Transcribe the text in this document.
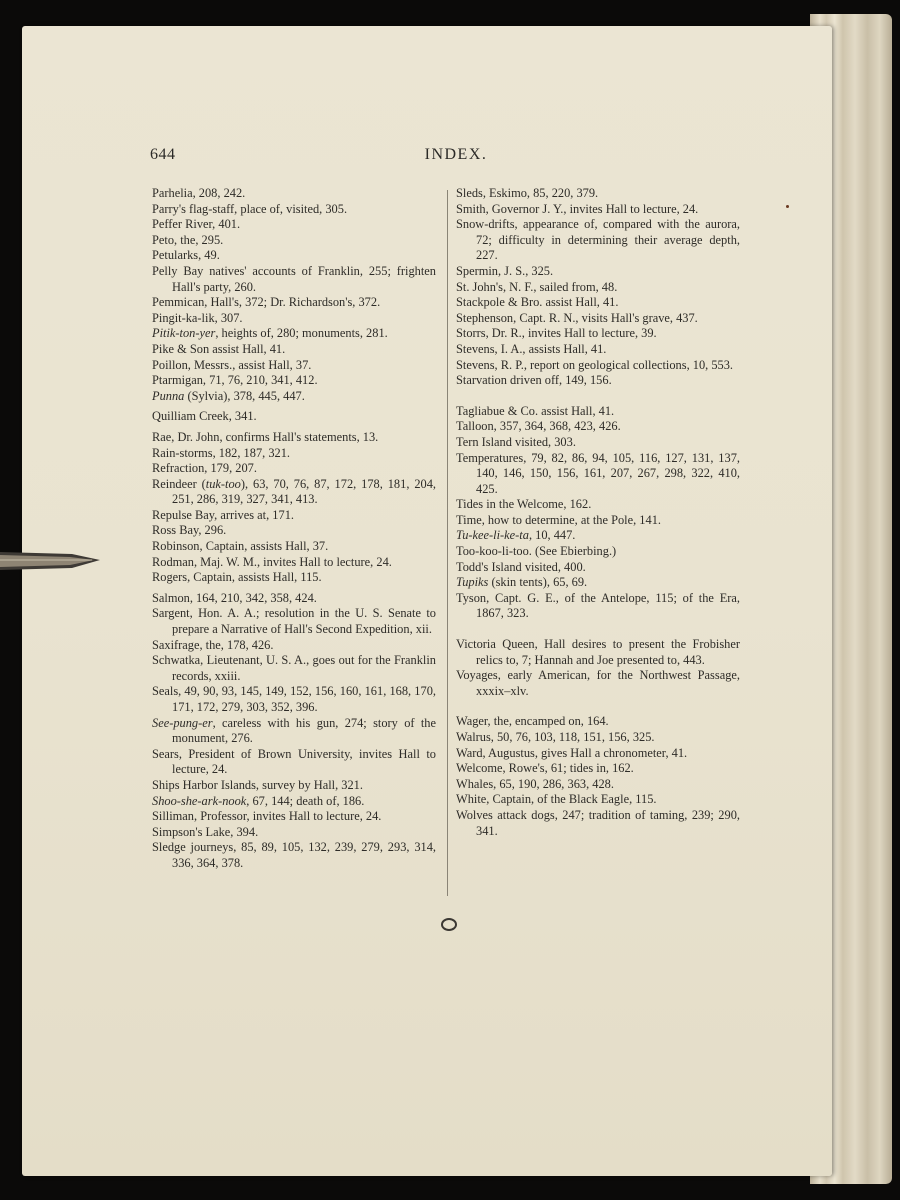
644	INDEX.

Parhelia, 208, 242.

Parry's flag-staff, place of, visited, 305.

Peffer River, 401.

Peto, the, 295.

Petularks, 49.

Pelly Bay natives' accounts of Franklin, 255; frighten Hall's party, 260.

Pemmican, Hall's, 372; Dr. Richardson's, 372.

Pingit-ka-lik, 307.

Pitik-ton-yer, heights of, 280; monuments, 281.

Pike & Son assist Hall, 41.

Poillon, Messrs., assist Hall, 37.

Ptarmigan, 71, 76, 210, 341, 412.

Punna (Sylvia), 378, 445, 447.

Quilliam Creek, 341.

Rae, Dr. John, confirms Hall's statements, 13.

Rain-storms, 182, 187, 321.

Refraction, 179, 207.

Reindeer (tuk-too), 63, 70, 76, 87, 172, 178, 181, 204, 251, 286, 319, 327, 341, 413.

Repulse Bay, arrives at, 171.

Ross Bay, 296.

Robinson, Captain, assists Hall, 37.

Rodman, Maj. W. M., invites Hall to lecture, 24.

Rogers, Captain, assists Hall, 115.

Salmon, 164, 210, 342, 358, 424.

Sargent, Hon. A. A.; resolution in the U. S. Senate to prepare a Narrative of Hall's Second Expedition, xii.

Saxifrage, the, 178, 426.

Schwatka, Lieutenant, U. S. A., goes out for the Franklin records, xxiii.

Seals, 49, 90, 93, 145, 149, 152, 156, 160, 161, 168, 170, 171, 172, 279, 303, 352, 396.

See-pung-er, careless with his gun, 274; story of the monument, 276.

Sears, President of Brown University, invites Hall to lecture, 24.

Ships Harbor Islands, survey by Hall, 321.

Shoo-she-ark-nook, 67, 144; death of, 186.

Silliman, Professor, invites Hall to lecture, 24.

Simpson's Lake, 394.

Sledge journeys, 85, 89, 105, 132, 239, 279, 293, 314, 336, 364, 378.

Sleds, Eskimo, 85, 220, 379.

Smith, Governor J. Y., invites Hall to lecture, 24.

Snow-drifts, appearance of, compared with the aurora, 72; difficulty in determining their average depth, 227.

Spermin, J. S., 325.

St. John's, N. F., sailed from, 48.

Stackpole & Bro. assist Hall, 41.

Stephenson, Capt. R. N., visits Hall's grave, 437.

Storrs, Dr. R., invites Hall to lecture, 39.

Stevens, I. A., assists Hall, 41.

Stevens, R. P., report on geological collections, 10, 553.

Starvation driven off, 149, 156.

Tagliabue & Co. assist Hall, 41.

Talloon, 357, 364, 368, 423, 426.

Tern Island visited, 303.

Temperatures, 79, 82, 86, 94, 105, 116, 127, 131, 137, 140, 146, 150, 156, 161, 207, 267, 298, 322, 410, 425.

Tides in the Welcome, 162.

Time, how to determine, at the Pole, 141.

Tu-kee-li-ke-ta, 10, 447.

Too-koo-li-too. (See Ebierbing.)

Todd's Island visited, 400.

Tupiks (skin tents), 65, 69.

Tyson, Capt. G. E., of the Antelope, 115; of the Era, 1867, 323.

Victoria Queen, Hall desires to present the Frobisher relics to, 7; Hannah and Joe presented to, 443.

Voyages, early American, for the Northwest Passage, xxxix–xlv.

Wager, the, encamped on, 164.

Walrus, 50, 76, 103, 118, 151, 156, 325.

Ward, Augustus, gives Hall a chronometer, 41.

Welcome, Rowe's, 61; tides in, 162.

Whales, 65, 190, 286, 363, 428.

White, Captain, of the Black Eagle, 115.

Wolves attack dogs, 247; tradition of taming, 239; 290, 341.
